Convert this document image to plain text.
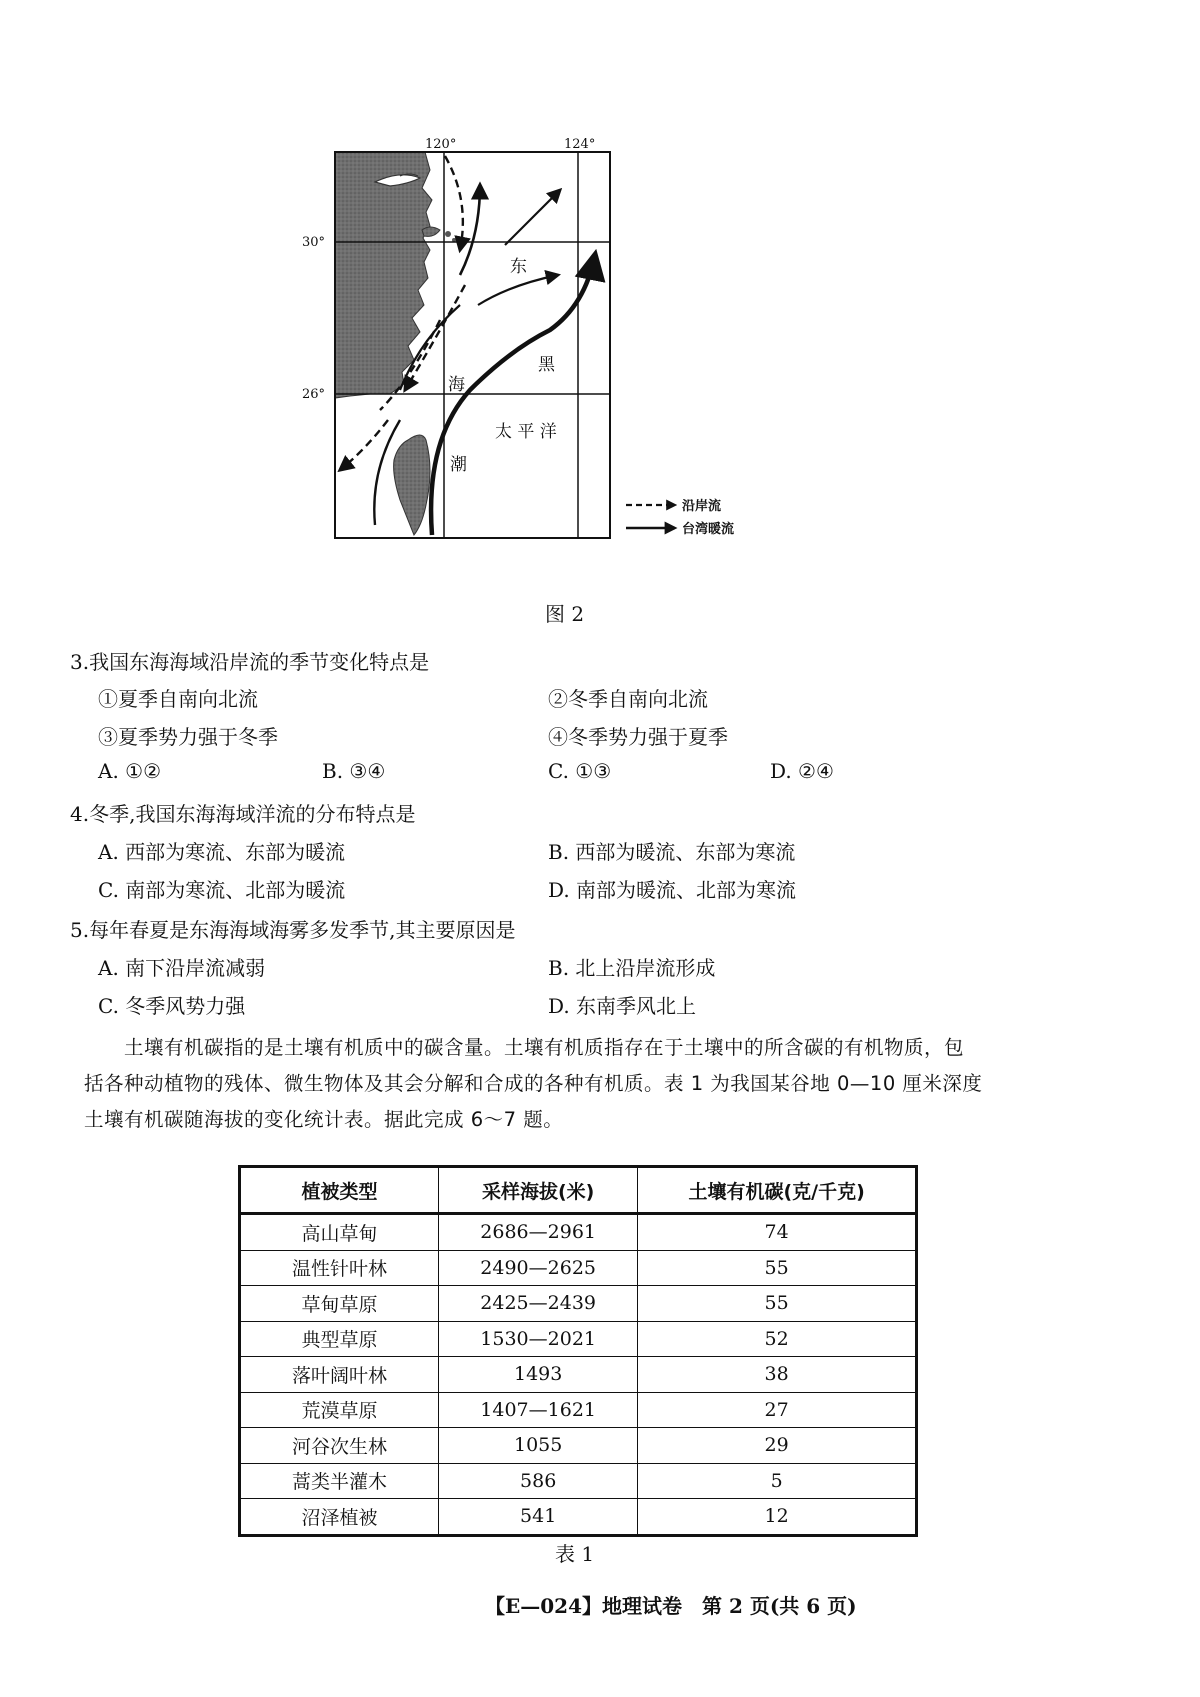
120°	124°
30°
26°
东
海
黑
潮
太 平 洋
沿岸流
台湾暖流
图 2
3.我国东海海域沿岸流的季节变化特点是
①夏季自南向北流	②冬季自南向北流
③夏季势力强于冬季	④冬季势力强于夏季
A. ①②	B. ③④	C. ①③	D. ②④
4.冬季,我国东海海域洋流的分布特点是
A. 西部为寒流、东部为暖流	B. 西部为暖流、东部为寒流
C. 南部为寒流、北部为暖流	D. 南部为暖流、北部为寒流
5.每年春夏是东海海域海雾多发季节,其主要原因是
A. 南下沿岸流减弱	B. 北上沿岸流形成
C. 冬季风势力强	D. 东南季风北上
土壤有机碳指的是土壤有机质中的碳含量。土壤有机质指存在于土壤中的所含碳的有机物质，包
括各种动植物的残体、微生物体及其会分解和合成的各种有机质。表 1 为我国某谷地 0—10 厘米深度
土壤有机碳随海拔的变化统计表。据此完成 6～7 题。
植被类型	采样海拔(米)	土壤有机碳(克/千克)
高山草甸	2686—2961	74
温性针叶林	2490—2625	55
草甸草原	2425—2439	55
典型草原	1530—2021	52
落叶阔叶林	1493	38
荒漠草原	1407—1621	27
河谷次生林	1055	29
蒿类半灌木	586	5
沼泽植被	541	12
表 1
【E—024】地理试卷　第 2 页(共 6 页)
